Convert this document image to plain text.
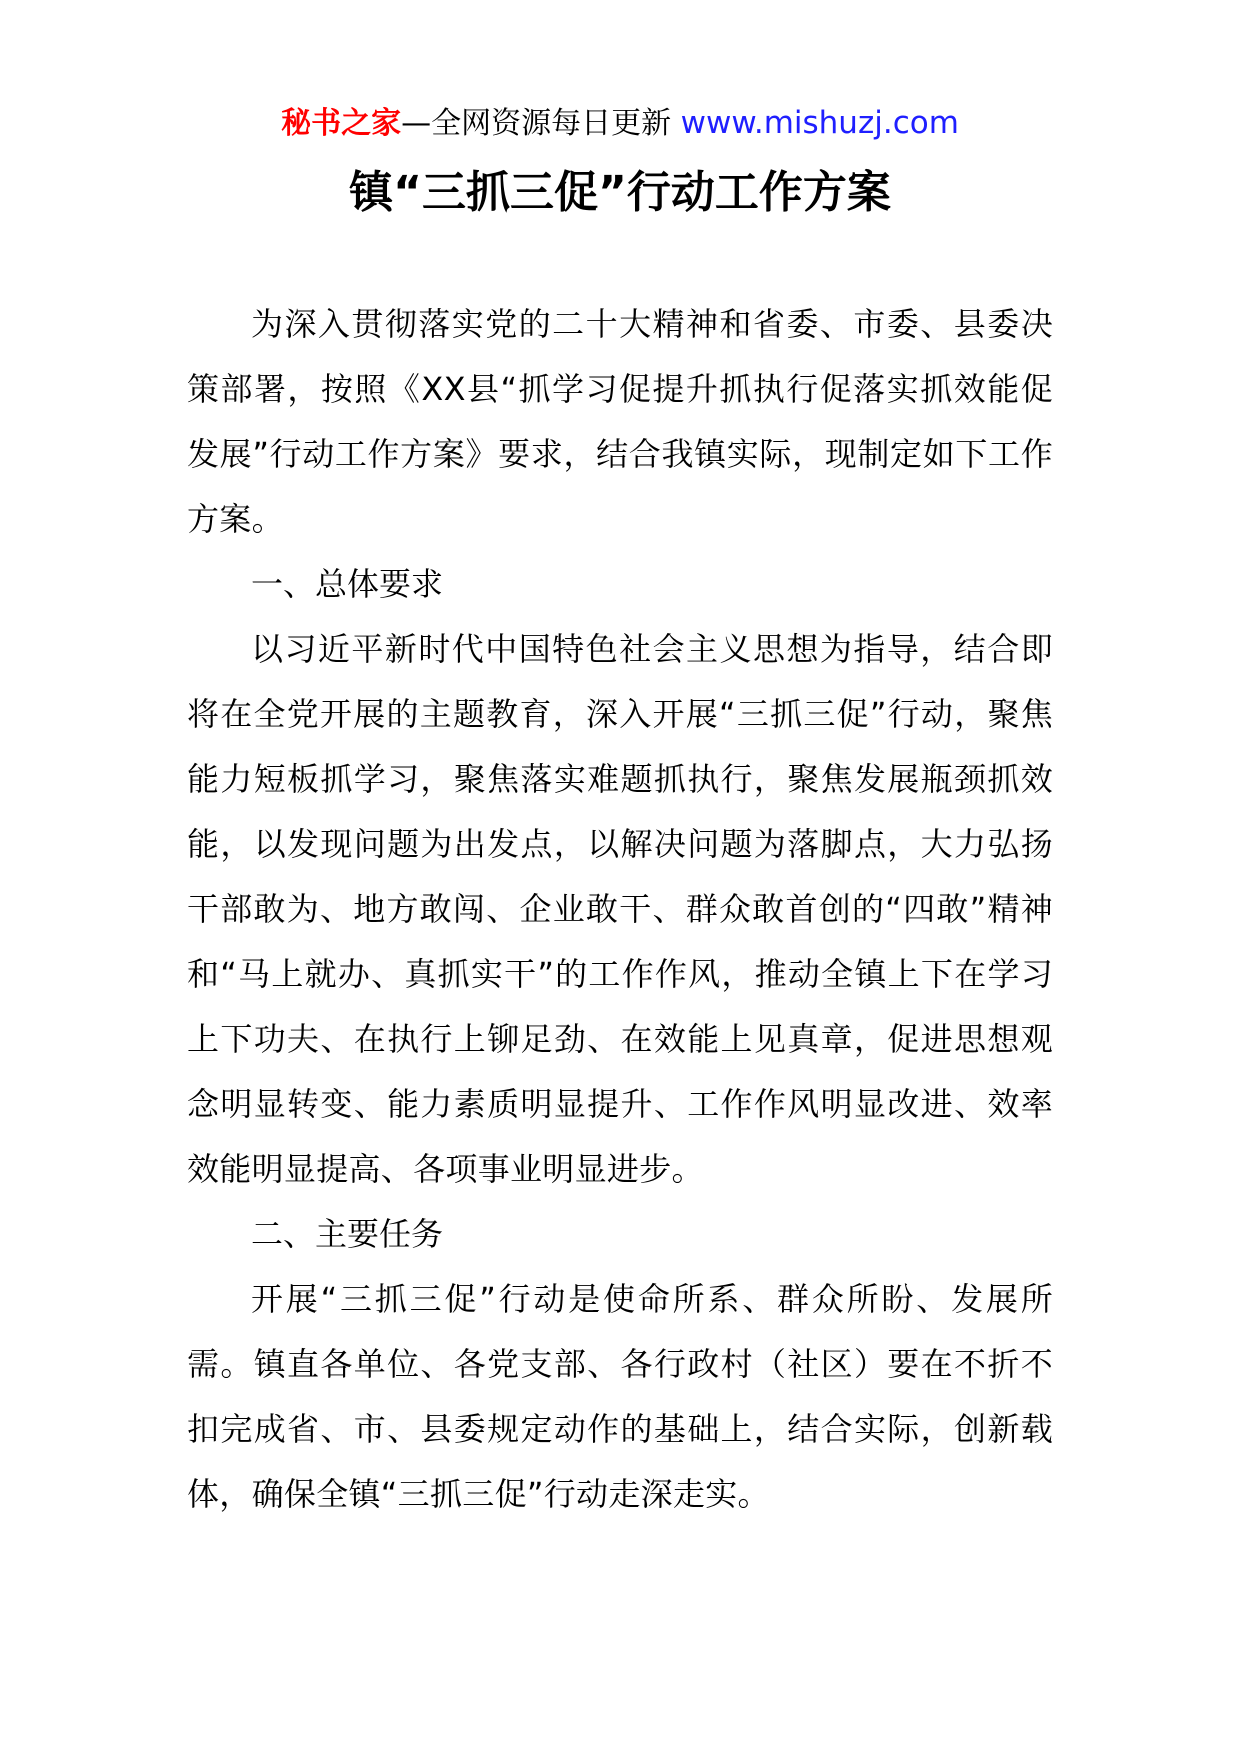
秘书之家—全网资源每日更新 www.mishuzj.com
镇“三抓三促”行动工作方案

为深入贯彻落实党的二十大精神和省委、市委、县委决策部署，按照《XX县“抓学习促提升抓执行促落实抓效能促发展”行动工作方案》要求，结合我镇实际，现制定如下工作方案。

一、总体要求

以习近平新时代中国特色社会主义思想为指导，结合即将在全党开展的主题教育，深入开展“三抓三促”行动，聚焦能力短板抓学习，聚焦落实难题抓执行，聚焦发展瓶颈抓效能，以发现问题为出发点，以解决问题为落脚点，大力弘扬干部敢为、地方敢闯、企业敢干、群众敢首创的“四敢”精神和“马上就办、真抓实干”的工作作风，推动全镇上下在学习上下功夫、在执行上铆足劲、在效能上见真章，促进思想观念明显转变、能力素质明显提升、工作作风明显改进、效率效能明显提高、各项事业明显进步。

二、主要任务

开展“三抓三促”行动是使命所系、群众所盼、发展所需。镇直各单位、各党支部、各行政村（社区）要在不折不扣完成省、市、县委规定动作的基础上，结合实际，创新载体，确保全镇“三抓三促”行动走深走实。
